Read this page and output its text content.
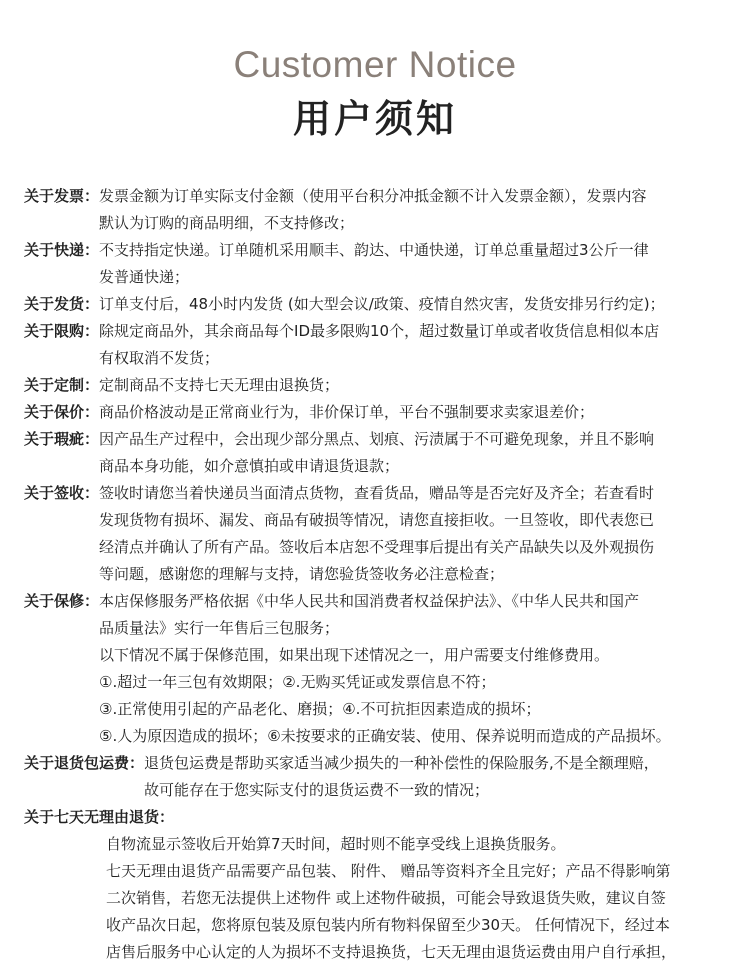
Customer Notice
用户须知
关于发票： 发票金额为订单实际支付金额（使用平台积分冲抵金额不计入发票金额），发票内容
默认为订购的商品明细，不支持修改；
关于快递： 不支持指定快递。订单随机采用顺丰、韵达、中通快递，订单总重量超过3公斤一律
发普通快递；
关于发货： 订单支付后，48小时内发货 (如大型会议/政策、疫情自然灾害，发货安排另行约定)；
关于限购： 除规定商品外，其余商品每个ID最多限购10个，超过数量订单或者收货信息相似本店
有权取消不发货；
关于定制： 定制商品不支持七天无理由退换货；
关于保价： 商品价格波动是正常商业行为，非价保订单，平台不强制要求卖家退差价；
关于瑕疵： 因产品生产过程中，会出现少部分黑点、划痕、污渍属于不可避免现象，并且不影响
商品本身功能，如介意慎拍或申请退货退款；
关于签收： 签收时请您当着快递员当面清点货物，查看货品，赠品等是否完好及齐全；若查看时
发现货物有损坏、漏发、商品有破损等情况，请您直接拒收。一旦签收，即代表您已
经清点并确认了所有产品。签收后本店恕不受理事后提出有关产品缺失以及外观损伤
等问题，感谢您的理解与支持，请您验货签收务必注意检查；
关于保修： 本店保修服务严格依据《中华人民共和国消费者权益保护法》、《中华人民共和国产
品质量法》实行一年售后三包服务；
以下情况不属于保修范围，如果出现下述情况之一，用户需要支付维修费用。
①.超过一年三包有效期限；②.无购买凭证或发票信息不符；
③.正常使用引起的产品老化、磨损；④.不可抗拒因素造成的损坏；
⑤.人为原因造成的损坏；⑥未按要求的正确安装、使用、保养说明而造成的产品损坏。
关于退货包运费： 退货包运费是帮助买家适当减少损失的一种补偿性的保险服务,不是全额理赔，
故可能存在于您实际支付的退货运费不一致的情况；
关于七天无理由退货：
自物流显示签收后开始算7天时间，超时则不能享受线上退换货服务。
七天无理由退货产品需要产品包装、 附件、 赠品等资料齐全且完好；产品不得影响第
二次销售，若您无法提供上述物件 或上述物件破损，可能会导致退货失败，建议自签
收产品次日起，您将原包装及原包装内所有物料保留至少30天。 任何情况下，经过本
店售后服务中心认定的人为损坏不支持退换货，七天无理由退货运费由用户自行承担，
